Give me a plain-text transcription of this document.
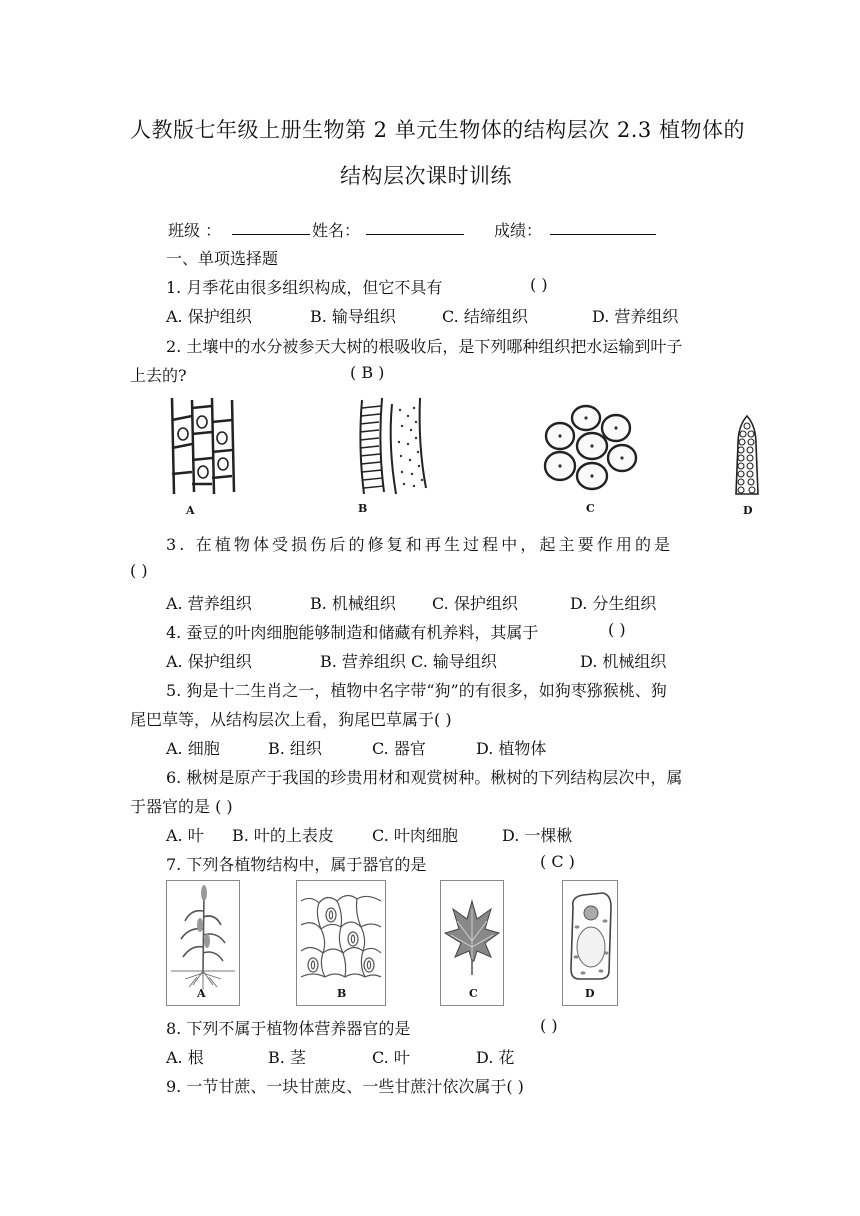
人教版七年级上册生物第 2 单元生物体的结构层次 2.3 植物体的
结构层次课时训练
班级 ：	姓名：	成绩：
一、单项选择题
1. 月季花由很多组织构成，但它不具有	( )
A. 保护组织	B. 输导组织	C. 结缔组织	D. 营养组织
2. 土壤中的水分被参天大树的根吸收后，是下列哪种组织把水运输到叶子
上去的?	( B )
A	B	C	D
3. 在植物体受损伤后的修复和再生过程中，起主要作用的是
( )
A. 营养组织	B. 机械组织 C. 保护组织	D. 分生组织
4. 蚕豆的叶肉细胞能够制造和储藏有机养料，其属于	( )
A. 保护组织	B. 营养组织 C. 输导组织	D. 机械组织
5. 狗是十二生肖之一，植物中名字带“狗”的有很多，如狗枣猕猴桃、狗
尾巴草等，从结构层次上看，狗尾巴草属于( )
A. 细胞	B. 组织	C. 器官	D. 植物体
6. 楸树是原产于我国的珍贵用材和观赏树种。楸树的下列结构层次中，属
于器官的是 ( )
A. 叶 B. 叶的上表皮 C. 叶肉细胞	D. 一棵楸
7. 下列各植物结构中，属于器官的是	( C )
A	B	C	D
8. 下列不属于植物体营养器官的是	( )
A. 根	B. 茎	C. 叶	D. 花
9. 一节甘蔗、一块甘蔗皮、一些甘蔗汁依次属于( )
